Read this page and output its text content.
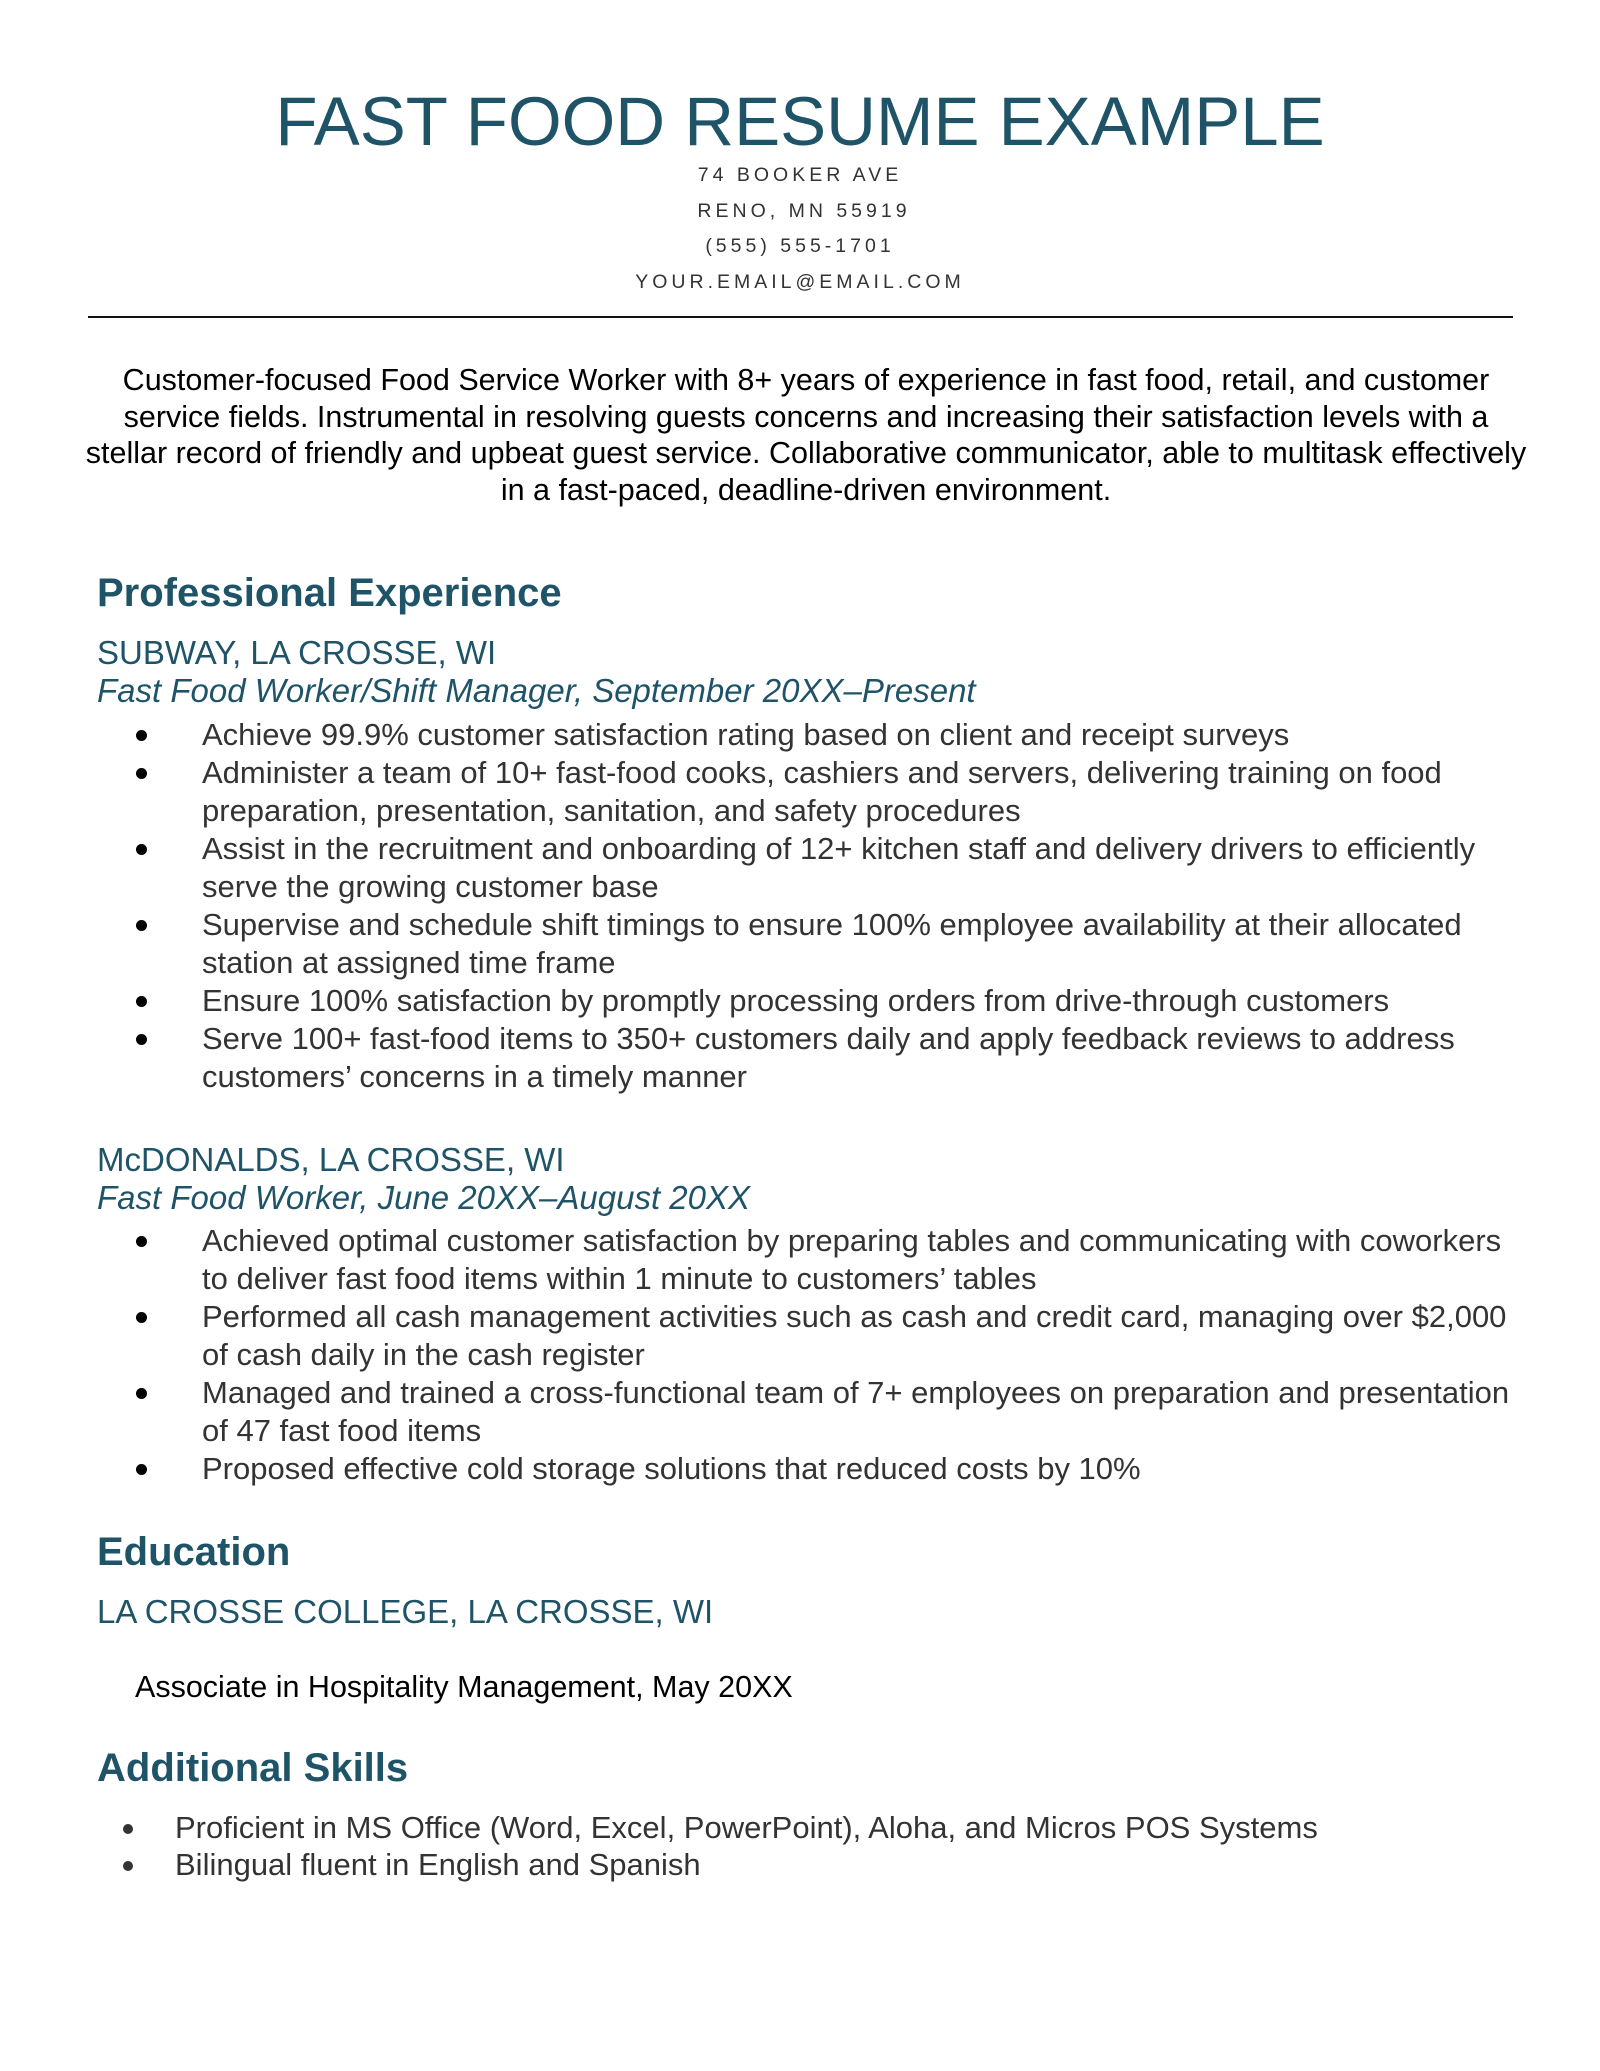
FAST FOOD RESUME EXAMPLE
74 BOOKER AVE
RENO, MN 55919
(555) 555-1701
YOUR.EMAIL@EMAIL.COM

Customer-focused Food Service Worker with 8+ years of experience in fast food, retail, and customer service fields. Instrumental in resolving guests concerns and increasing their satisfaction levels with a stellar record of friendly and upbeat guest service. Collaborative communicator, able to multitask effectively in a fast-paced, deadline-driven environment.

Professional Experience
SUBWAY, LA CROSSE, WI
Fast Food Worker/Shift Manager, September 20XX–Present
Achieve 99.9% customer satisfaction rating based on client and receipt surveys
Administer a team of 10+ fast-food cooks, cashiers and servers, delivering training on food preparation, presentation, sanitation, and safety procedures
Assist in the recruitment and onboarding of 12+ kitchen staff and delivery drivers to efficiently serve the growing customer base
Supervise and schedule shift timings to ensure 100% employee availability at their allocated station at assigned time frame
Ensure 100% satisfaction by promptly processing orders from drive-through customers
Serve 100+ fast-food items to 350+ customers daily and apply feedback reviews to address customers’ concerns in a timely manner
McDONALDS, LA CROSSE, WI
Fast Food Worker, June 20XX–August 20XX
Achieved optimal customer satisfaction by preparing tables and communicating with coworkers to deliver fast food items within 1 minute to customers’ tables
Performed all cash management activities such as cash and credit card, managing over $2,000 of cash daily in the cash register
Managed and trained a cross-functional team of 7+ employees on preparation and presentation of 47 fast food items
Proposed effective cold storage solutions that reduced costs by 10%
Education
LA CROSSE COLLEGE, LA CROSSE, WI
Associate in Hospitality Management, May 20XX
Additional Skills
Proficient in MS Office (Word, Excel, PowerPoint), Aloha, and Micros POS Systems
Bilingual fluent in English and Spanish
